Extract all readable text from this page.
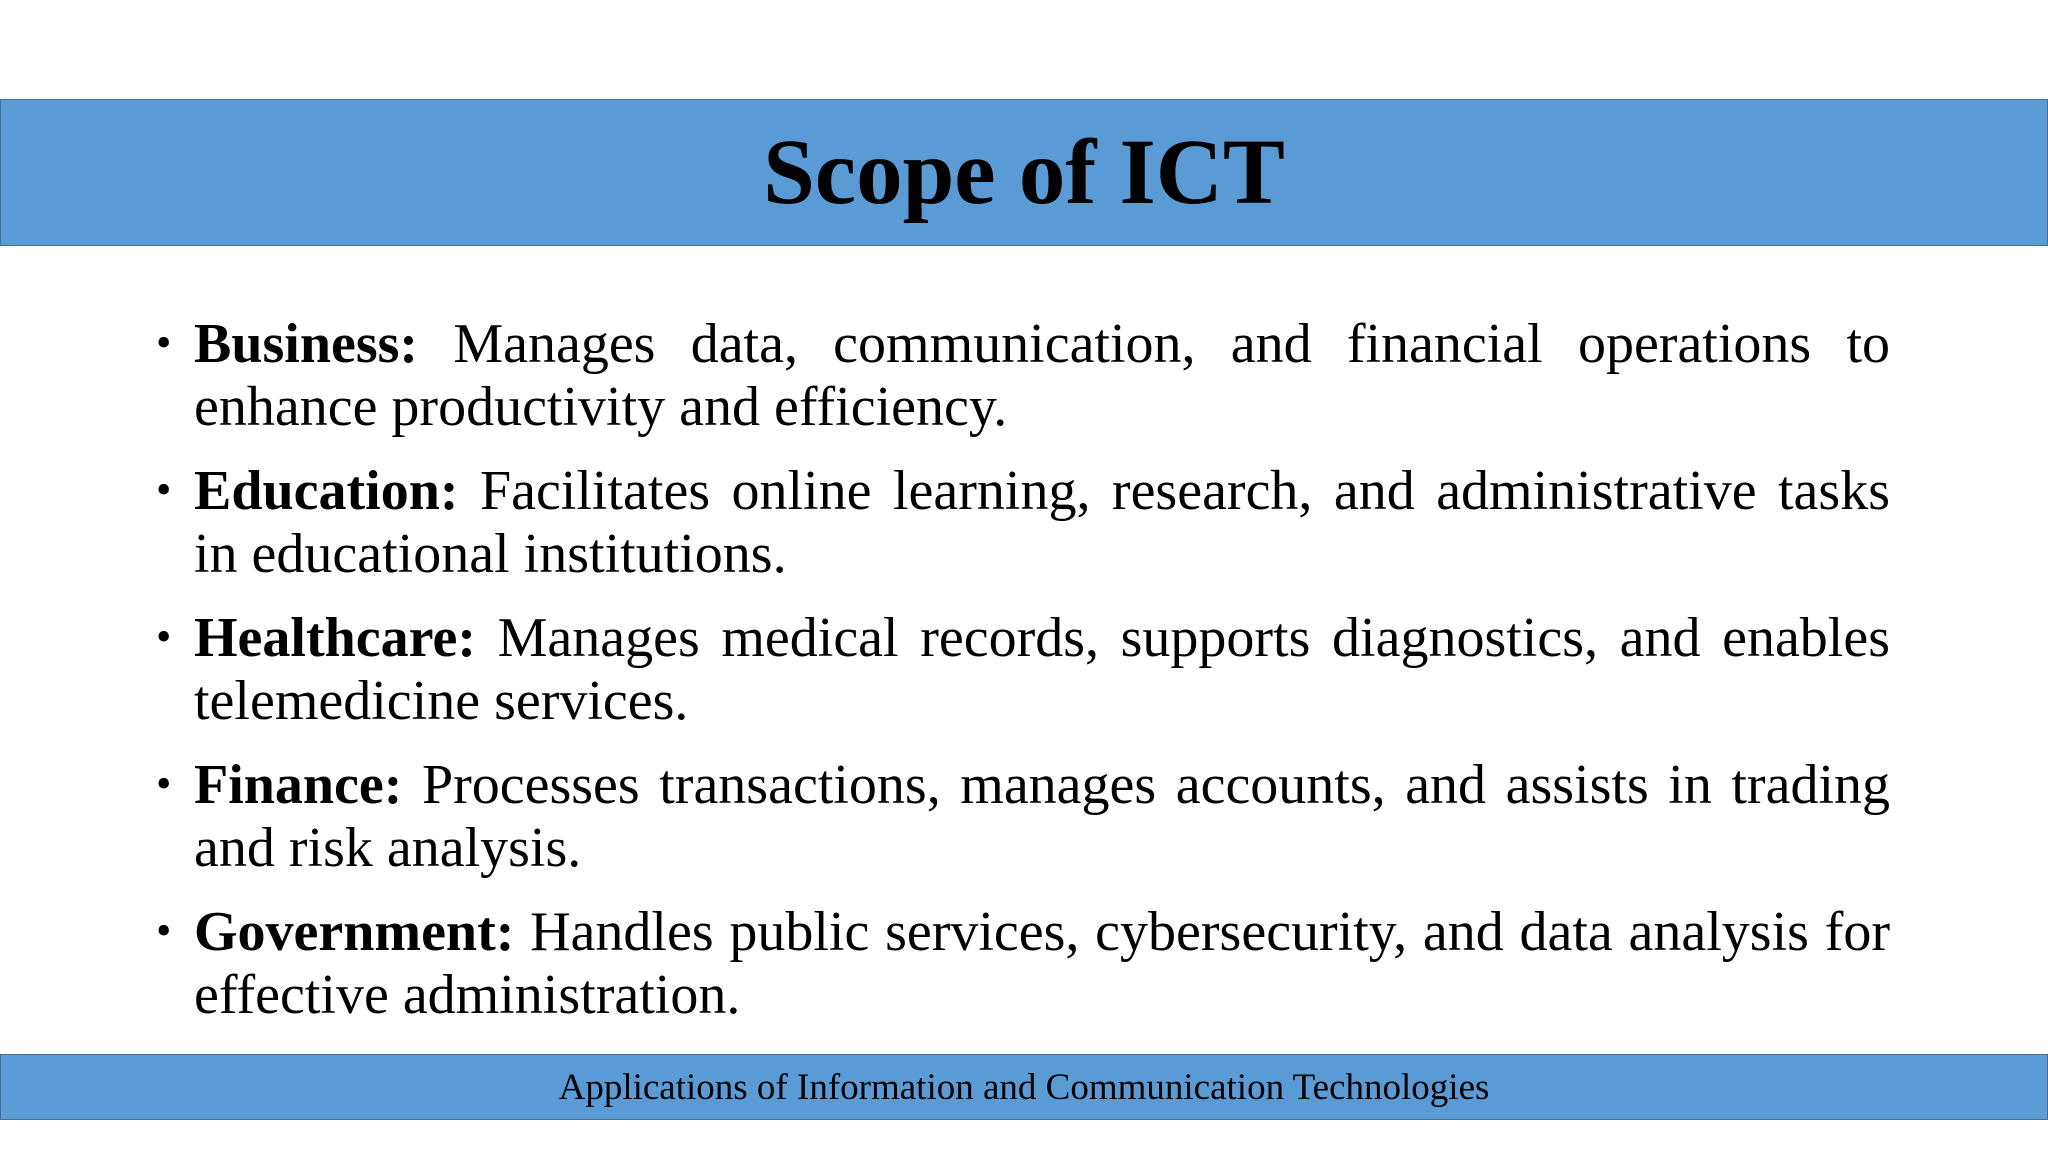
Scope of ICT
• Business: Manages data, communication, and financial operations to enhance productivity and efficiency.
• Education: Facilitates online learning, research, and administrative tasks in educational institutions.
• Healthcare: Manages medical records, supports diagnostics, and enables telemedicine services.
• Finance: Processes transactions, manages accounts, and assists in trading and risk analysis.
• Government: Handles public services, cybersecurity, and data analysis for effective administration.
Applications of Information and Communication Technologies
